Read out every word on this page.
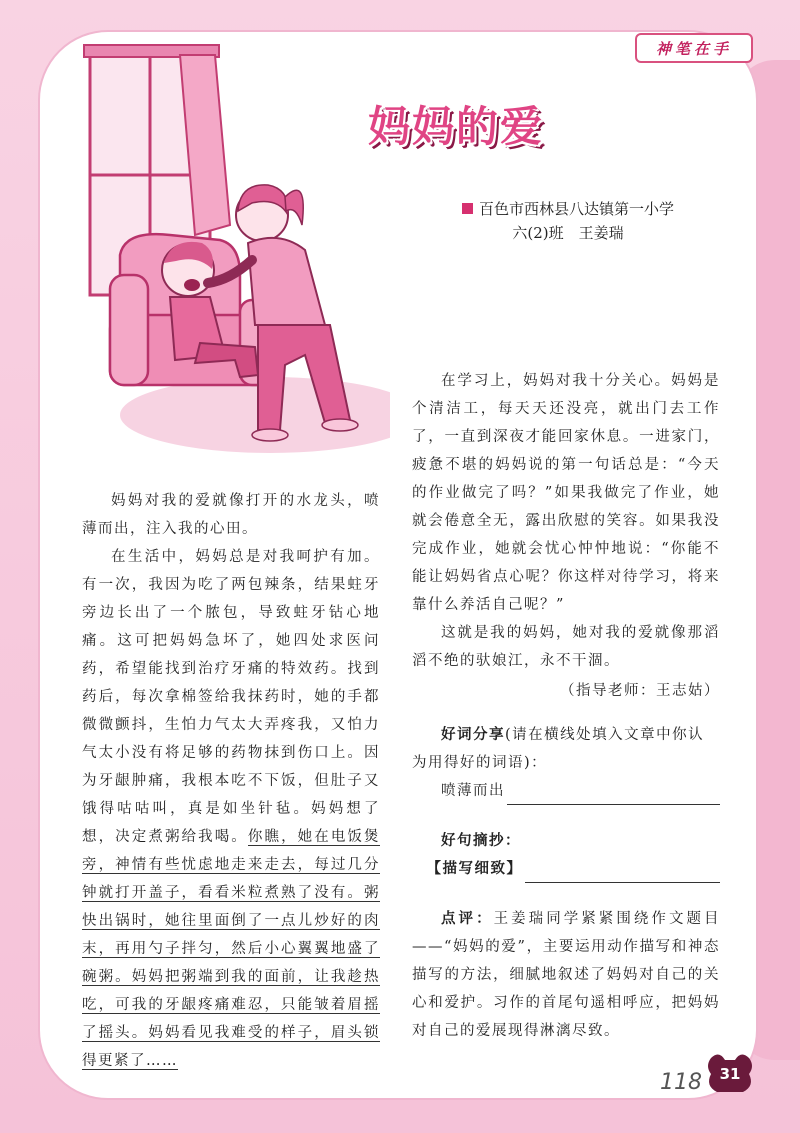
神笔在手
妈妈的爱
百色市西林县八达镇第一小学
六(2)班　王姜瑞

妈妈对我的爱就像打开的水龙头，喷薄而出，注入我的心田。

在生活中，妈妈总是对我呵护有加。有一次，我因为吃了两包辣条，结果蛀牙旁边长出了一个脓包，导致蛀牙钻心地痛。这可把妈妈急坏了，她四处求医问药，希望能找到治疗牙痛的特效药。找到药后，每次拿棉签给我抹药时，她的手都微微颤抖，生怕力气太大弄疼我，又怕力气太小没有将足够的药物抹到伤口上。因为牙龈肿痛，我根本吃不下饭，但肚子又饿得咕咕叫，真是如坐针毡。妈妈想了想，决定煮粥给我喝。你瞧，她在电饭煲旁，神情有些忧虑地走来走去，每过几分钟就打开盖子，看看米粒煮熟了没有。粥快出锅时，她往里面倒了一点儿炒好的肉末，再用勺子拌匀，然后小心翼翼地盛了碗粥。妈妈把粥端到我的面前，让我趁热吃，可我的牙龈疼痛难忍，只能皱着眉摇了摇头。妈妈看见我难受的样子，眉头锁得更紧了……

在学习上，妈妈对我十分关心。妈妈是个清洁工，每天天还没亮，就出门去工作了，一直到深夜才能回家休息。一进家门，疲惫不堪的妈妈说的第一句话总是：“今天的作业做完了吗？”如果我做完了作业，她就会倦意全无，露出欣慰的笑容。如果我没完成作业，她就会忧心忡忡地说：“你能不能让妈妈省点心呢？你这样对待学习，将来靠什么养活自己呢？”

这就是我的妈妈，她对我的爱就像那滔滔不绝的驮娘江，永不干涸。

（指导老师：王志姑）

好词分享(请在横线处填入文章中你认为用得好的词语)：

喷薄而出

好句摘抄：

【描写细致】

点评：王姜瑞同学紧紧围绕作文题目——“妈妈的爱”，主要运用动作描写和神态描写的方法，细腻地叙述了妈妈对自己的关心和爱护。习作的首尾句遥相呼应，把妈妈对自己的爱展现得淋漓尽致。

118	31
